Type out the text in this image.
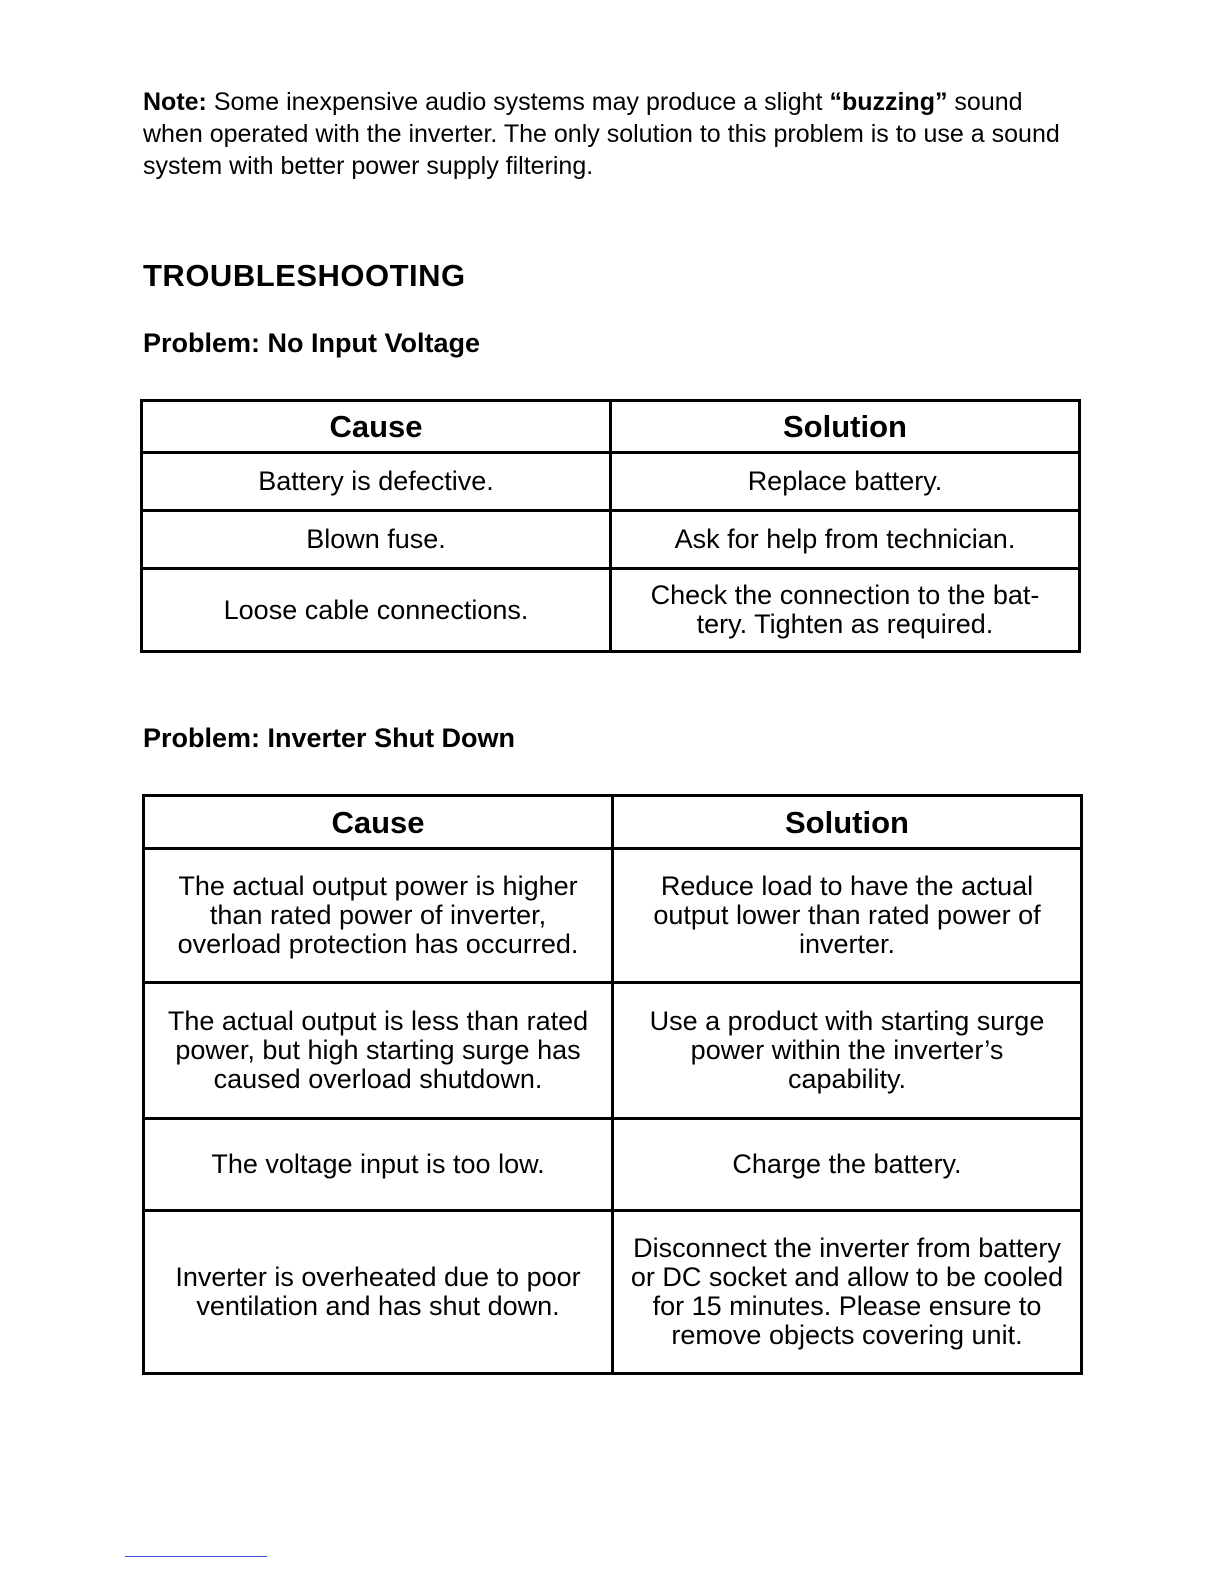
Note: Some inexpensive audio systems may produce a slight “buzzing” sound when operated with the inverter. The only solution to this problem is to use a sound system with better power supply filtering.
TROUBLESHOOTING
Problem: No Input Voltage
Cause	Solution
Battery is defective.	Replace battery.
Blown fuse.	Ask for help from technician.
Loose cable connections.	Check the connection to the bat-tery. Tighten as required.
Problem: Inverter Shut Down
Cause	Solution
The actual output power is higher than rated power of inverter, overload protection has occurred.	Reduce load to have the actual output lower than rated power of inverter.
The actual output is less than rated power, but high starting surge has caused overload shutdown.	Use a product with starting surge power within the inverter’s capability.
The voltage input is too low.	Charge the battery.
Inverter is overheated due to poor ventilation and has shut down.	Disconnect the inverter from battery or DC socket and allow to be cooled for 15 minutes. Please ensure to remove objects covering unit.
